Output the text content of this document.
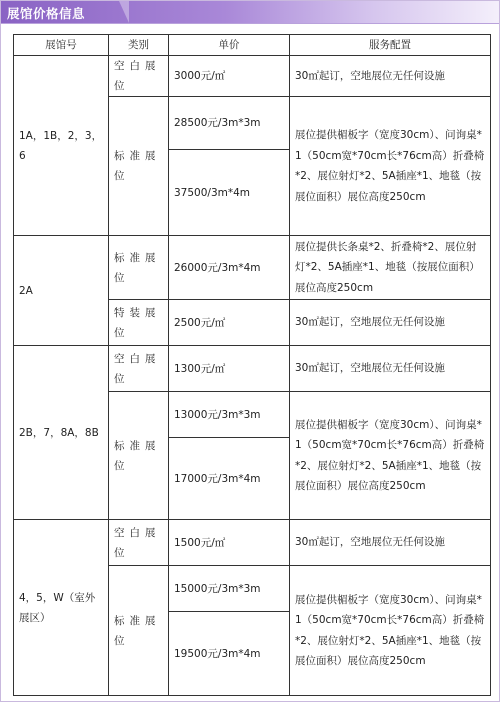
展馆价格信息
展馆号	类别	单价	服务配置
1A，1B，2，3，6	空白展位	3000元/㎡	30㎡起订，空地展位无任何设施
	标准展位	28500元/3m*3m	展位提供楣板字（宽度30cm）、问询桌*1（50cm宽*70cm长*76cm高）折叠椅*2、展位射灯*2、5A插座*1、地毯（按展位面积）展位高度250cm
		37500/3m*4m	
2A	标准展位	26000元/3m*4m	展位提供长条桌*2、折叠椅*2、展位射灯*2、5A插座*1、地毯（按展位面积）展位高度250cm
	特装展位	2500元/㎡	30㎡起订，空地展位无任何设施
2B，7，8A，8B	空白展位	1300元/㎡	30㎡起订，空地展位无任何设施
	标准展位	13000元/3m*3m	展位提供楣板字（宽度30cm）、问询桌*1（50cm宽*70cm长*76cm高）折叠椅*2、展位射灯*2、5A插座*1、地毯（按展位面积）展位高度250cm
		17000元/3m*4m	
4，5，W（室外展区）	空白展位	1500元/㎡	30㎡起订，空地展位无任何设施
	标准展位	15000元/3m*3m	展位提供楣板字（宽度30cm）、问询桌*1（50cm宽*70cm长*76cm高）折叠椅*2、展位射灯*2、5A插座*1、地毯（按展位面积）展位高度250cm
		19500元/3m*4m	
